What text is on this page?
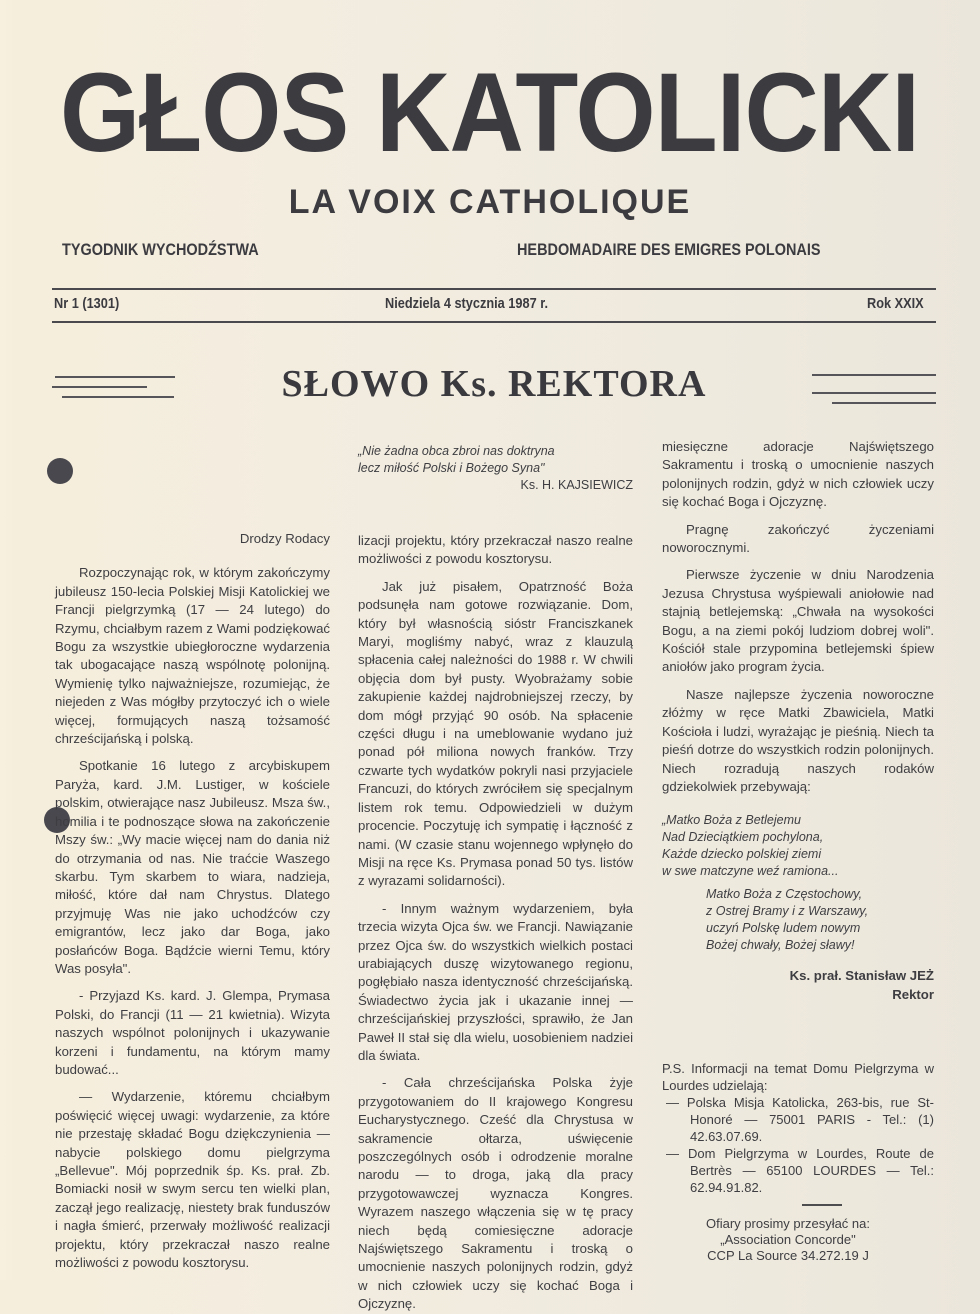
GŁOS KATOLICKI
LA VOIX CATHOLIQUE
TYGODNIK WYCHODŹSTWA	HEBDOMADAIRE DES EMIGRES POLONAIS
Nr 1 (1301)	Niedziela 4 stycznia 1987 r.	Rok XXIX
SŁOWO Ks. REKTORA
„Nie żadna obca zbroi nas doktryna
lecz miłość Polski i Bożego Syna"
Ks. H. KAJSIEWICZ

Drodzy Rodacy

Rozpoczynając rok, w którym zakończymy jubileusz 150-lecia Polskiej Misji Katolickiej we Francji pielgrzymką (17 — 24 lutego) do Rzymu, chciałbym razem z Wami podziękować Bogu za wszystkie ubiegłoroczne wydarzenia tak ubogacające naszą wspólnotę polonijną. Wymienię tylko najważniejsze, rozumiejąc, że niejeden z Was mógłby przytoczyć ich o wiele więcej, formujących naszą tożsamość chrześcijańską i polską.

Spotkanie 16 lutego z arcybiskupem Paryża, kard. J.M. Lustiger, w kościele polskim, otwierające nasz Jubileusz. Msza św., homilia i te podnoszące słowa na zakończenie Mszy św.: „Wy macie więcej nam do dania niż do otrzymania od nas. Nie traćcie Waszego skarbu. Tym skarbem to wiara, nadzieja, miłość, które dał nam Chrystus. Dlatego przyjmuję Was nie jako uchodźców czy emigrantów, lecz jako dar Boga, jako posłańców Boga. Bądźcie wierni Temu, który Was posyła".

- Przyjazd Ks. kard. J. Glempa, Prymasa Polski, do Francji (11 — 21 kwietnia). Wizyta naszych wspólnot polonijnych i ukazywanie korzeni i fundamentu, na którym mamy budować...

— Wydarzenie, któremu chciałbym poświęcić więcej uwagi: wydarzenie, za które nie przestaję składać Bogu dziękczynienia — nabycie polskiego domu pielgrzyma „Bellevue". Mój poprzednik śp. Ks. prał. Zb. Bomiacki nosił w swym sercu ten wielki plan, zaczął jego realizację, niestety brak funduszów i nagła śmierć, przerwały możliwość realizacji projektu, który przekraczał naszo realne możliwości z powodu kosztorysu.

lizacji projektu, który przekraczał naszo realne możliwości z powodu kosztorysu.

Jak już pisałem, Opatrzność Boża podsunęła nam gotowe rozwiązanie. Dom, który był własnością sióstr Franciszkanek Maryi, mogliśmy nabyć, wraz z klauzulą spłacenia całej należności do 1988 r. W chwili objęcia dom był pusty. Wyobrażamy sobie zakupienie każdej najdrobniejszej rzeczy, by dom mógł przyjąć 90 osób. Na spłacenie części długu i na umeblowanie wydano już ponad pół miliona nowych franków. Trzy czwarte tych wydatków pokryli nasi przyjaciele Francuzi, do których zwróciłem się specjalnym listem rok temu. Odpowiedzieli w dużym procencie. Poczytuję ich sympatię i łączność z nami. (W czasie stanu wojennego wpłynęło do Misji na ręce Ks. Prymasa ponad 50 tys. listów z wyrazami solidarności).

- Innym ważnym wydarzeniem, była trzecia wizyta Ojca św. we Francji. Nawiązanie przez Ojca św. do wszystkich wielkich postaci urabiających duszę wizytowanego regionu, pogłębiało nasza identyczność chrześcijańską. Świadectwo życia jak i ukazanie innej — chrześcijańskiej przyszłości, sprawiło, że Jan Paweł II stał się dla wielu, uosobieniem nadziei dla świata.

- Cała chrześcijańska Polska żyje przygotowaniem do II krajowego Kongresu Eucharystycznego. Cześć dla Chrystusa w sakramencie ołtarza, uświęcenie poszczególnych osób i odrodzenie moralne narodu — to droga, jaką dla pracy przygotowawczej wyznacza Kongres. Wyrazem naszego włączenia się w tę pracy niech będą comiesięczne adoracje Najświętszego Sakramentu i troską o umocnienie naszych polonijnych rodzin, gdyż w nich człowiek uczy się kochać Boga i Ojczyznę.

miesięczne adoracje Najświętszego Sakramentu i troską o umocnienie naszych polonijnych rodzin, gdyż w nich człowiek uczy się kochać Boga i Ojczyznę.

Pragnę zakończyć życzeniami noworocznymi.

Pierwsze życzenie w dniu Narodzenia Jezusa Chrystusa wyśpiewali aniołowie nad stajnią betlejemską: „Chwała na wysokości Bogu, a na ziemi pokój ludziom dobrej woli". Kościół stale przypomina betlejemski śpiew aniołów jako program życia.

Nasze najlepsze życzenia noworoczne złóżmy w ręce Matki Zbawiciela, Matki Kościoła i ludzi, wyrażając je pieśnią. Niech ta pieśń dotrze do wszystkich rodzin polonijnych. Niech rozradują naszych rodaków gdziekolwiek przebywają:

„Matko Boża z Betlejemu
Nad Dzieciątkiem pochylona,
Każde dziecko polskiej ziemi
w swe matczyne weź ramiona...
Matko Boża z Częstochowy,
z Ostrej Bramy i z Warszawy,
uczyń Polskę ludem nowym
Bożej chwały, Bożej sławy!
Ks. prał. Stanisław JEŻ
Rektor
P.S. Informacji na temat Domu Pielgrzyma w Lourdes udzielają:
— Polska Misja Katolicka, 263-bis, rue St-Honoré — 75001 PARIS - Tel.: (1) 42.63.07.69.
— Dom Pielgrzyma w Lourdes, Route de Bertrès — 65100 LOURDES — Tel.: 62.94.91.82.
Ofiary prosimy przesyłać na:
„Association Concorde"
CCP La Source 34.272.19 J
